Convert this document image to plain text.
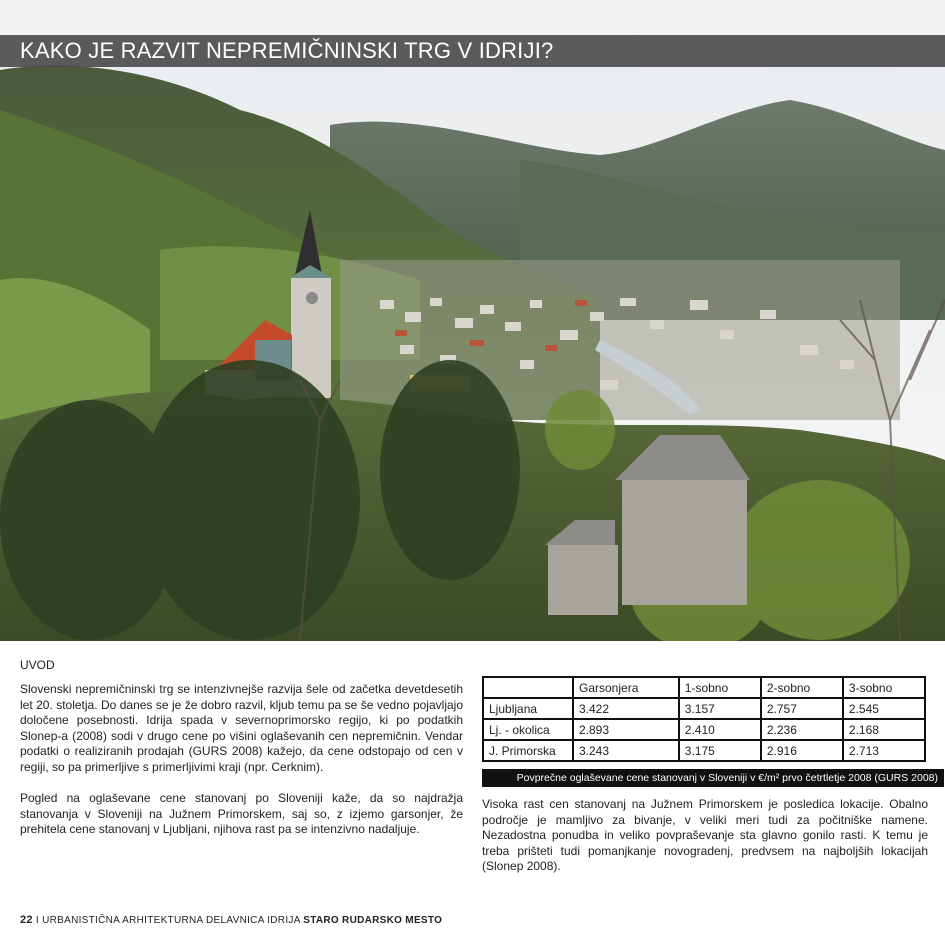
KAKO JE RAZVIT NEPREMIČNINSKI TRG V IDRIJI?
UVOD

Slovenski nepremičninski trg se intenzivnejše razvija šele od začetka devetdesetih let 20. stoletja. Do danes se je že dobro razvil, kljub temu pa se še vedno pojavljajo določene posebnosti. Idrija spada v severnoprimorsko regijo, ki po podatkih Slonep-a (2008) sodi v drugo cene po višini oglaševanih cen nepremičnin. Vendar podatki o realiziranih prodajah (GURS 2008) kažejo, da cene odstopajo od cen v regiji, so pa primerljive s primerljivimi kraji (npr. Cerknim).

Pogled na oglaševane cene stanovanj po Sloveniji kaže, da so najdražja stanovanja v Sloveniji na Južnem Primorskem, saj so, z izjemo garsonjer, že prehitela cene stanovanj v Ljubljani, njihova rast pa se intenzivno nadaljuje.

	Garsonjera	1-sobno	2-sobno	3-sobno
Ljubljana	3.422	3.157	2.757	2.545
Lj. - okolica	2.893	2.410	2.236	2.168
J. Primorska	3.243	3.175	2.916	2.713
Povprečne oglaševane cene stanovanj v Sloveniji v €/m² prvo četrtletje 2008 (GURS 2008)

Visoka rast cen stanovanj na Južnem Primorskem je posledica lokacije. Obalno področje je mamljivo za bivanje, v veliki meri tudi za počitniške namene. Nezadostna ponudba in veliko povpraševanje sta glavno gonilo rasti. K temu je treba prišteti tudi pomanjkanje novogradenj, predvsem na najboljših lokacijah (Slonep 2008).

22 I URBANISTIČNA ARHITEKTURNA DELAVNICA IDRIJA STARO RUDARSKO MESTO
